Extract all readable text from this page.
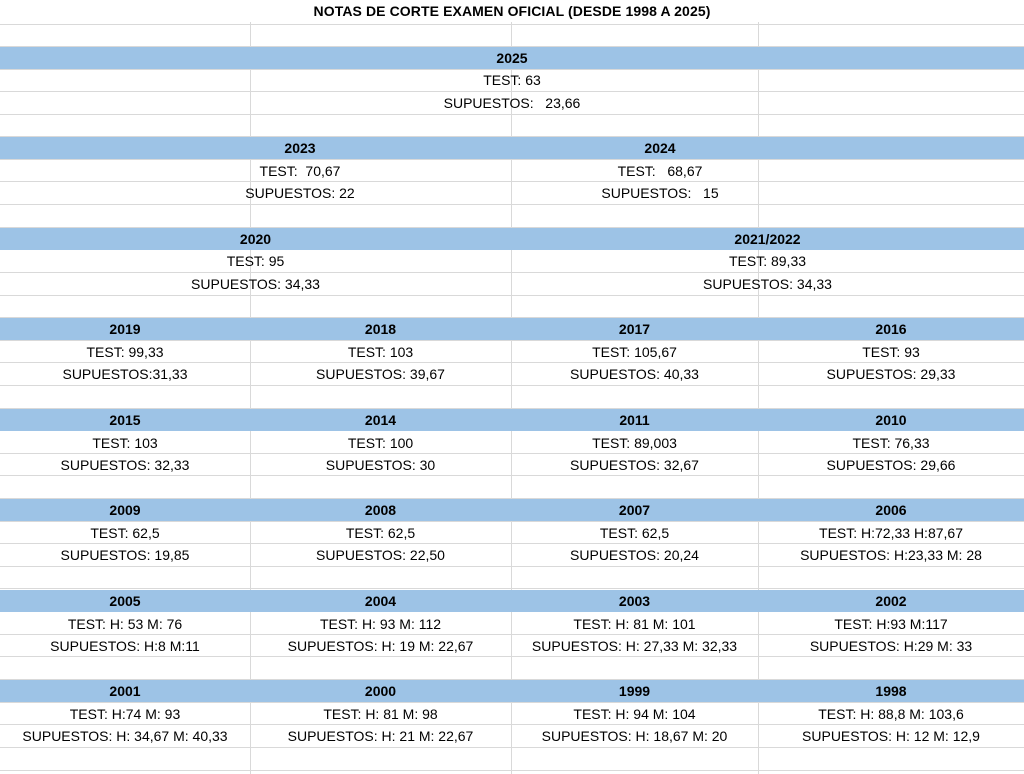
NOTAS DE CORTE EXAMEN OFICIAL (DESDE 1998 A 2025)
2025
TEST: 63
SUPUESTOS:   23,66
2023
TEST:  70,67
SUPUESTOS: 22
2024
TEST:   68,67
SUPUESTOS:   15
2020
TEST: 95
SUPUESTOS: 34,33
2021/2022
TEST: 89,33
SUPUESTOS: 34,33
2019
TEST: 99,33
SUPUESTOS:31,33
2018
TEST: 103
SUPUESTOS: 39,67
2017
TEST: 105,67
SUPUESTOS: 40,33
2016
TEST: 93
SUPUESTOS: 29,33
2015
TEST: 103
SUPUESTOS: 32,33
2014
TEST: 100
SUPUESTOS: 30
2011
TEST: 89,003
SUPUESTOS: 32,67
2010
TEST: 76,33
SUPUESTOS: 29,66
2009
TEST: 62,5
SUPUESTOS: 19,85
2008
TEST: 62,5
SUPUESTOS: 22,50
2007
TEST: 62,5
SUPUESTOS: 20,24
2006
TEST: H:72,33 H:87,67
SUPUESTOS: H:23,33 M: 28
2005
TEST: H: 53 M: 76
SUPUESTOS: H:8 M:11
2004
TEST: H: 93 M: 112
SUPUESTOS: H: 19 M: 22,67
2003
TEST: H: 81 M: 101
SUPUESTOS: H: 27,33 M: 32,33
2002
TEST: H:93 M:117
SUPUESTOS: H:29 M: 33
2001
TEST: H:74 M: 93
SUPUESTOS: H: 34,67 M: 40,33
2000
TEST: H: 81 M: 98
SUPUESTOS: H: 21 M: 22,67
1999
TEST: H: 94 M: 104
SUPUESTOS: H: 18,67 M: 20
1998
TEST: H: 88,8 M: 103,6
SUPUESTOS: H: 12 M: 12,9
